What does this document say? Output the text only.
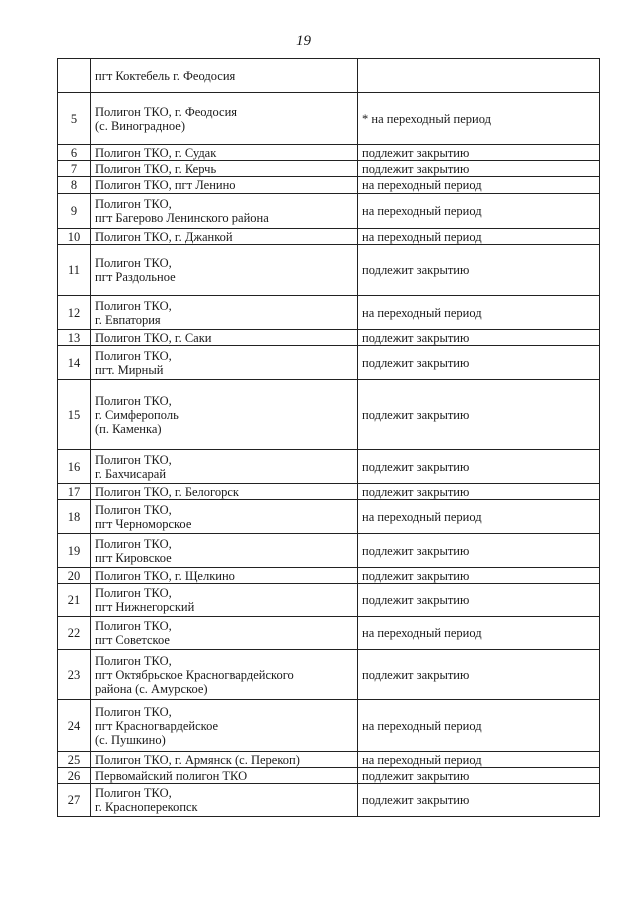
19
	пгт Коктебель г. Феодосия	
5	Полигон ТКО, г. Феодосия
(с. Виноградное)	* на переходный период
6	Полигон ТКО, г. Судак	подлежит закрытию
7	Полигон ТКО, г. Керчь	подлежит закрытию
8	Полигон ТКО, пгт Ленино	на переходный период
9	Полигон ТКО,
пгт Багерово Ленинского района	на переходный период
10	Полигон ТКО, г. Джанкой	на переходный период
11	Полигон ТКО,
пгт Раздольное	подлежит закрытию
12	Полигон ТКО,
г. Евпатория	на переходный период
13	Полигон ТКО, г. Саки	подлежит закрытию
14	Полигон ТКО,
пгт. Мирный	подлежит закрытию
15	Полигон ТКО,
г. Симферополь
(п. Каменка)	подлежит закрытию
16	Полигон ТКО,
г. Бахчисарай	подлежит закрытию
17	Полигон ТКО, г. Белогорск	подлежит закрытию
18	Полигон ТКО,
пгт Черноморское	на переходный период
19	Полигон ТКО,
пгт Кировское	подлежит закрытию
20	Полигон ТКО, г. Щелкино	подлежит закрытию
21	Полигон ТКО,
пгт Нижнегорский	подлежит закрытию
22	Полигон ТКО,
пгт Советское	на переходный период
23	Полигон ТКО,
пгт Октябрьское Красногвардейского
района (с. Амурское)	подлежит закрытию
24	Полигон ТКО,
пгт Красногвардейское
(с. Пушкино)	на переходный период
25	Полигон ТКО, г. Армянск (с. Перекоп)	на переходный период
26	Первомайский полигон ТКО	подлежит закрытию
27	Полигон ТКО,
г. Красноперекопск	подлежит закрытию
